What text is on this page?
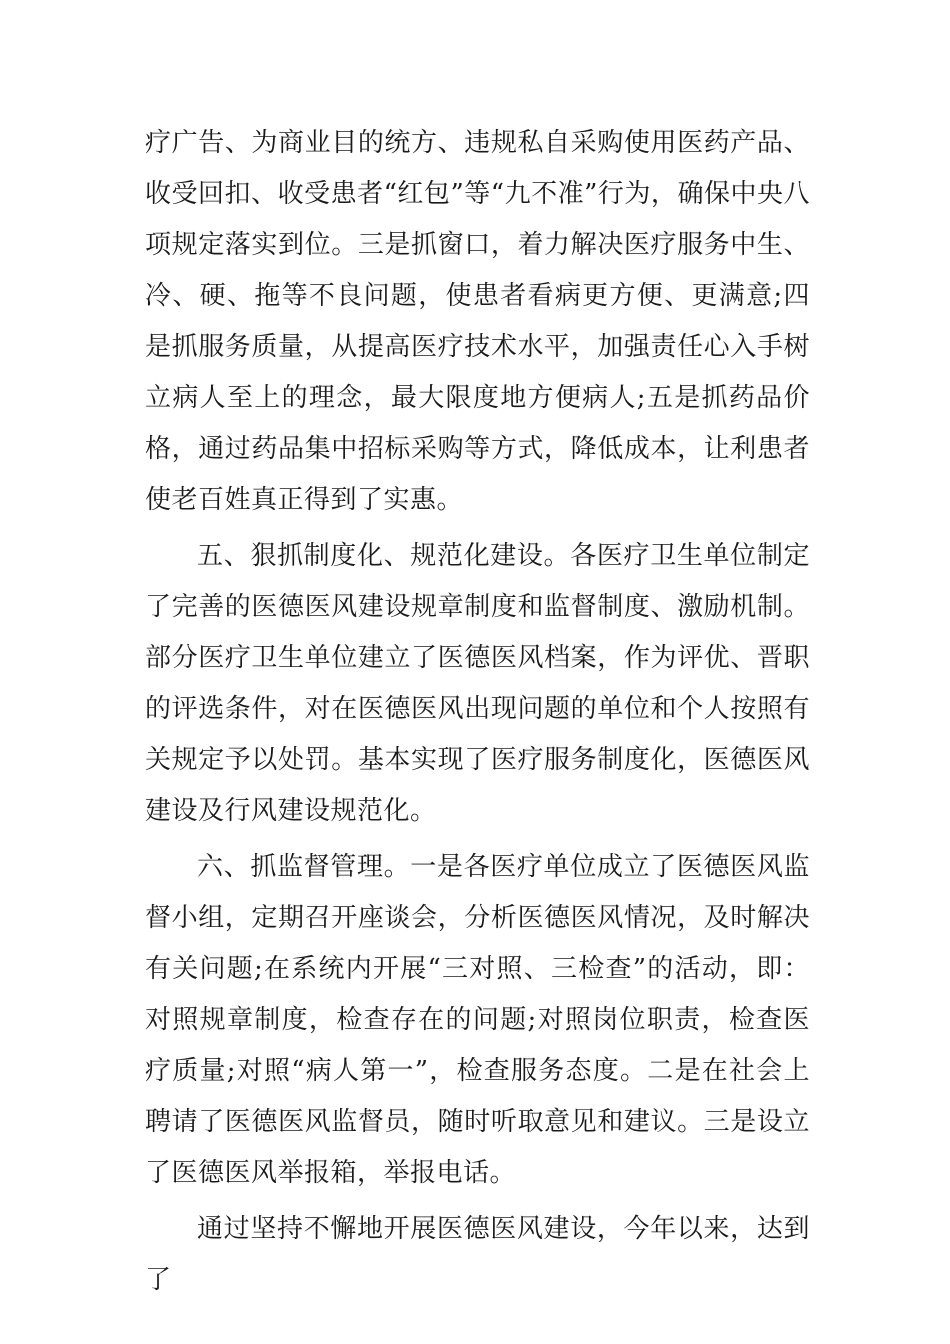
疗广告、为商业目的统方、违规私自采购使用医药产品、收受回扣、收受患者“红包”等“九不准”行为，确保中央八项规定落实到位。三是抓窗口，着力解决医疗服务中生、冷、硬、拖等不良问题，使患者看病更方便、更满意;四是抓服务质量，从提高医疗技术水平，加强责任心入手树立病人至上的理念，最大限度地方便病人;五是抓药品价格，通过药品集中招标采购等方式，降低成本，让利患者使老百姓真正得到了实惠。

五、狠抓制度化、规范化建设。各医疗卫生单位制定了完善的医德医风建设规章制度和监督制度、激励机制。部分医疗卫生单位建立了医德医风档案，作为评优、晋职的评选条件，对在医德医风出现问题的单位和个人按照有关规定予以处罚。基本实现了医疗服务制度化，医德医风建设及行风建设规范化。

六、抓监督管理。一是各医疗单位成立了医德医风监督小组，定期召开座谈会，分析医德医风情况，及时解决有关问题;在系统内开展“三对照、三检查”的活动，即：对照规章制度，检查存在的问题;对照岗位职责，检查医疗质量;对照“病人第一”，检查服务态度。二是在社会上聘请了医德医风监督员，随时听取意见和建议。三是设立了医德医风举报箱，举报电话。

通过坚持不懈地开展医德医风建设，今年以来，达到了
